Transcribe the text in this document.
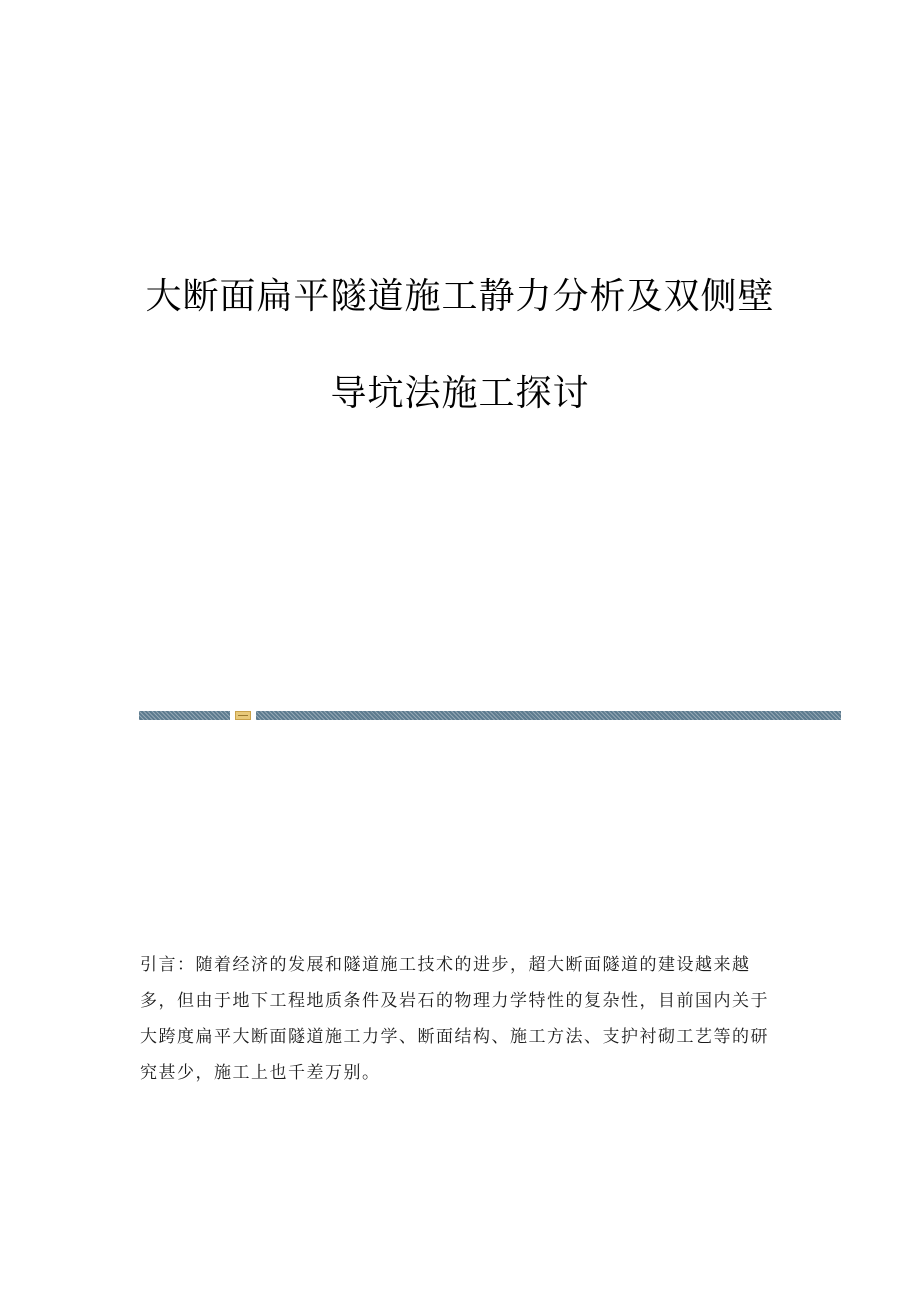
大断面扁平隧道施工静力分析及双侧壁
导坑法施工探讨
引言：随着经济的发展和隧道施工技术的进步，超大断面隧道的建设越来越
多，但由于地下工程地质条件及岩石的物理力学特性的复杂性，目前国内关于
大跨度扁平大断面隧道施工力学、断面结构、施工方法、支护衬砌工艺等的研
究甚少，施工上也千差万别。
